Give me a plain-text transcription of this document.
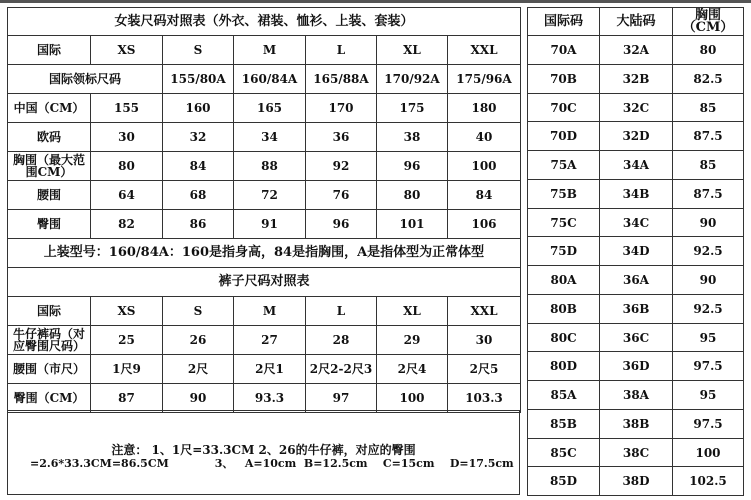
女装尺码对照表（外衣、裙装、恤衫、上装、套装）
国际	XS	S	M	L	XL	XXL
国际领标尺码	155/80A	160/84A	165/88A	170/92A	175/96A
中国（CM）	155	160	165	170	175	180
欧码	30	32	34	36	38	40
胸围（最大范围CM）	80	84	88	92	96	100
腰围	64	68	72	76	80	84
臀围	82	86	91	96	101	106
上装型号：160/84A：160是指身高，84是指胸围，A是指体型为正常体型
裤子尺码对照表
国际	XS	S	M	L	XL	XXL
牛仔裤码（对应臀围尺码）	25	26	27	28	29	30
腰围（市尺）	1尺9	2尺	2尺1	2尺2-2尺3	2尺4	2尺5
臀围（CM）	87	90	93.3	97	100	103.3
国际码	大陆码	胸围（CM）
70A	32A	80
70B	32B	82.5
70C	32C	85
70D	32D	87.5
75A	34A	85
75B	34B	87.5
75C	34C	90
75D	34D	92.5
80A	36A	90
80B	36B	92.5
80C	36C	95
80D	36D	97.5
85A	38A	95
85B	38B	97.5
85C	38C	100
85D	38D	102.5
注意： 1、1尺=33.3CM 2、26的牛仔裤，对应的臀围
=2.6*33.3CM=86.5CM            3、   A=10cm  B=12.5cm    C=15cm    D=17.5cm
